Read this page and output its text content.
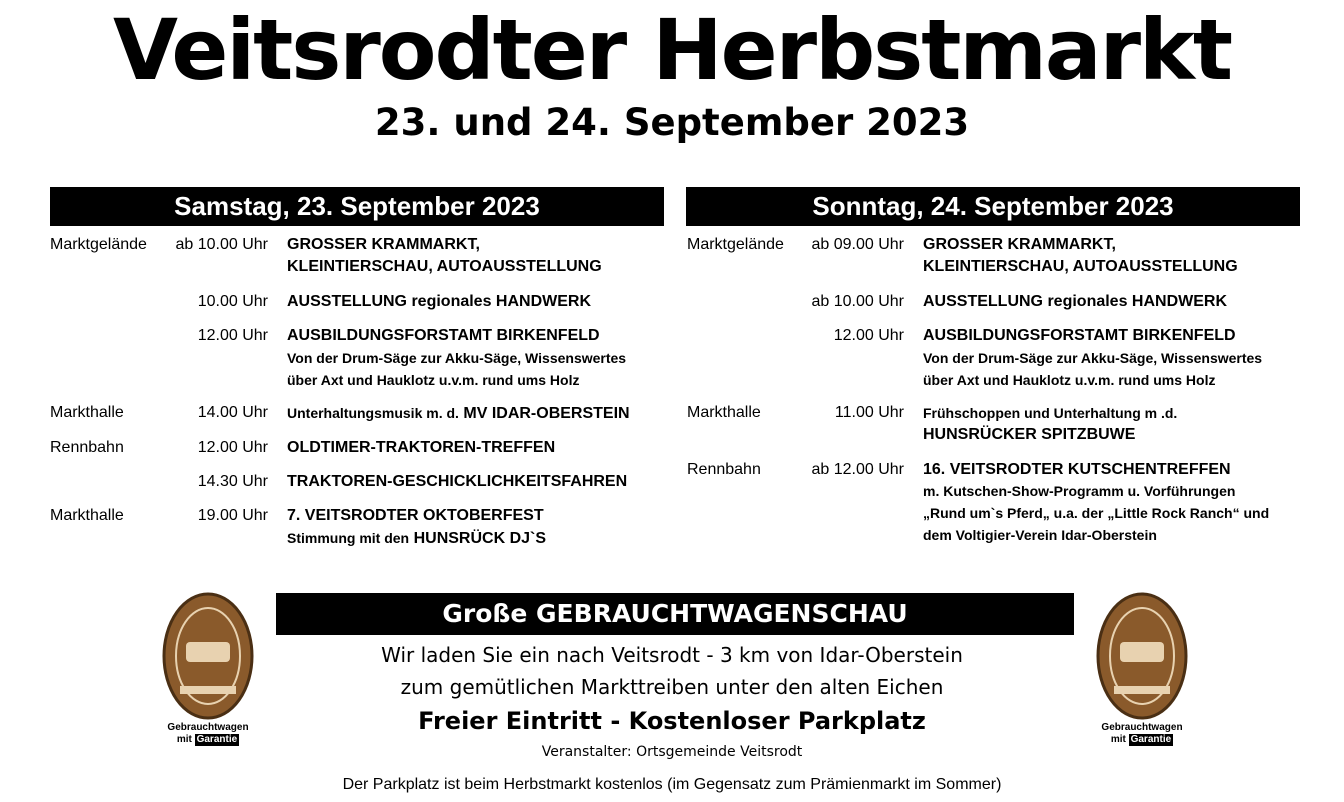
Veitsrodter Herbstmarkt
23. und 24. September 2023
Samstag, 23. September 2023
Marktgelände	ab 10.00 Uhr GROSSER KRAMMARKT,
KLEINTIERSCHAU, AUTOAUSSTELLUNG
10.00 Uhr AUSSTELLUNG regionales HANDWERK
12.00 Uhr AUSBILDUNGSFORSTAMT BIRKENFELD
Von der Drum-Säge zur Akku-Säge, Wissenswertes
über Axt und Hauklotz u.v.m. rund ums Holz
Markthalle	14.00 Uhr Unterhaltungsmusik m. d. MV IDAR-OBERSTEIN
Rennbahn	12.00 Uhr OLDTIMER-TRAKTOREN-TREFFEN
14.30 Uhr TRAKTOREN-GESCHICKLICHKEITSFAHREN
Markthalle	19.00 Uhr 7. VEITSRODTER OKTOBERFEST
Stimmung mit den HUNSRÜCK DJ`S
Sonntag, 24. September 2023
Marktgelände	ab 09.00 Uhr GROSSER KRAMMARKT,
KLEINTIERSCHAU, AUTOAUSSTELLUNG
ab 10.00 Uhr AUSSTELLUNG regionales HANDWERK
12.00 Uhr AUSBILDUNGSFORSTAMT BIRKENFELD
Von der Drum-Säge zur Akku-Säge, Wissenswertes
über Axt und Hauklotz u.v.m. rund ums Holz
Markthalle	11.00 Uhr Frühschoppen und Unterhaltung m .d.
HUNSRÜCKER SPITZBUWE
Rennbahn	ab 12.00 Uhr 16. VEITSRODTER KUTSCHENTREFFEN
m. Kutschen-Show-Programm u. Vorführungen
„Rund um`s Pferd„ u.a. der „Little Rock Ranch“ und
dem Voltigier-Verein Idar-Oberstein
Gebrauchtwagen
mit Garantie
Gebrauchtwagen
mit Garantie
Große GEBRAUCHTWAGENSCHAU
Wir laden Sie ein nach Veitsrodt - 3 km von Idar-Oberstein
zum gemütlichen Markttreiben unter den alten Eichen
Freier Eintritt - Kostenloser Parkplatz
Veranstalter: Ortsgemeinde Veitsrodt
Der Parkplatz ist beim Herbstmarkt kostenlos (im Gegensatz zum Prämienmarkt im Sommer)
